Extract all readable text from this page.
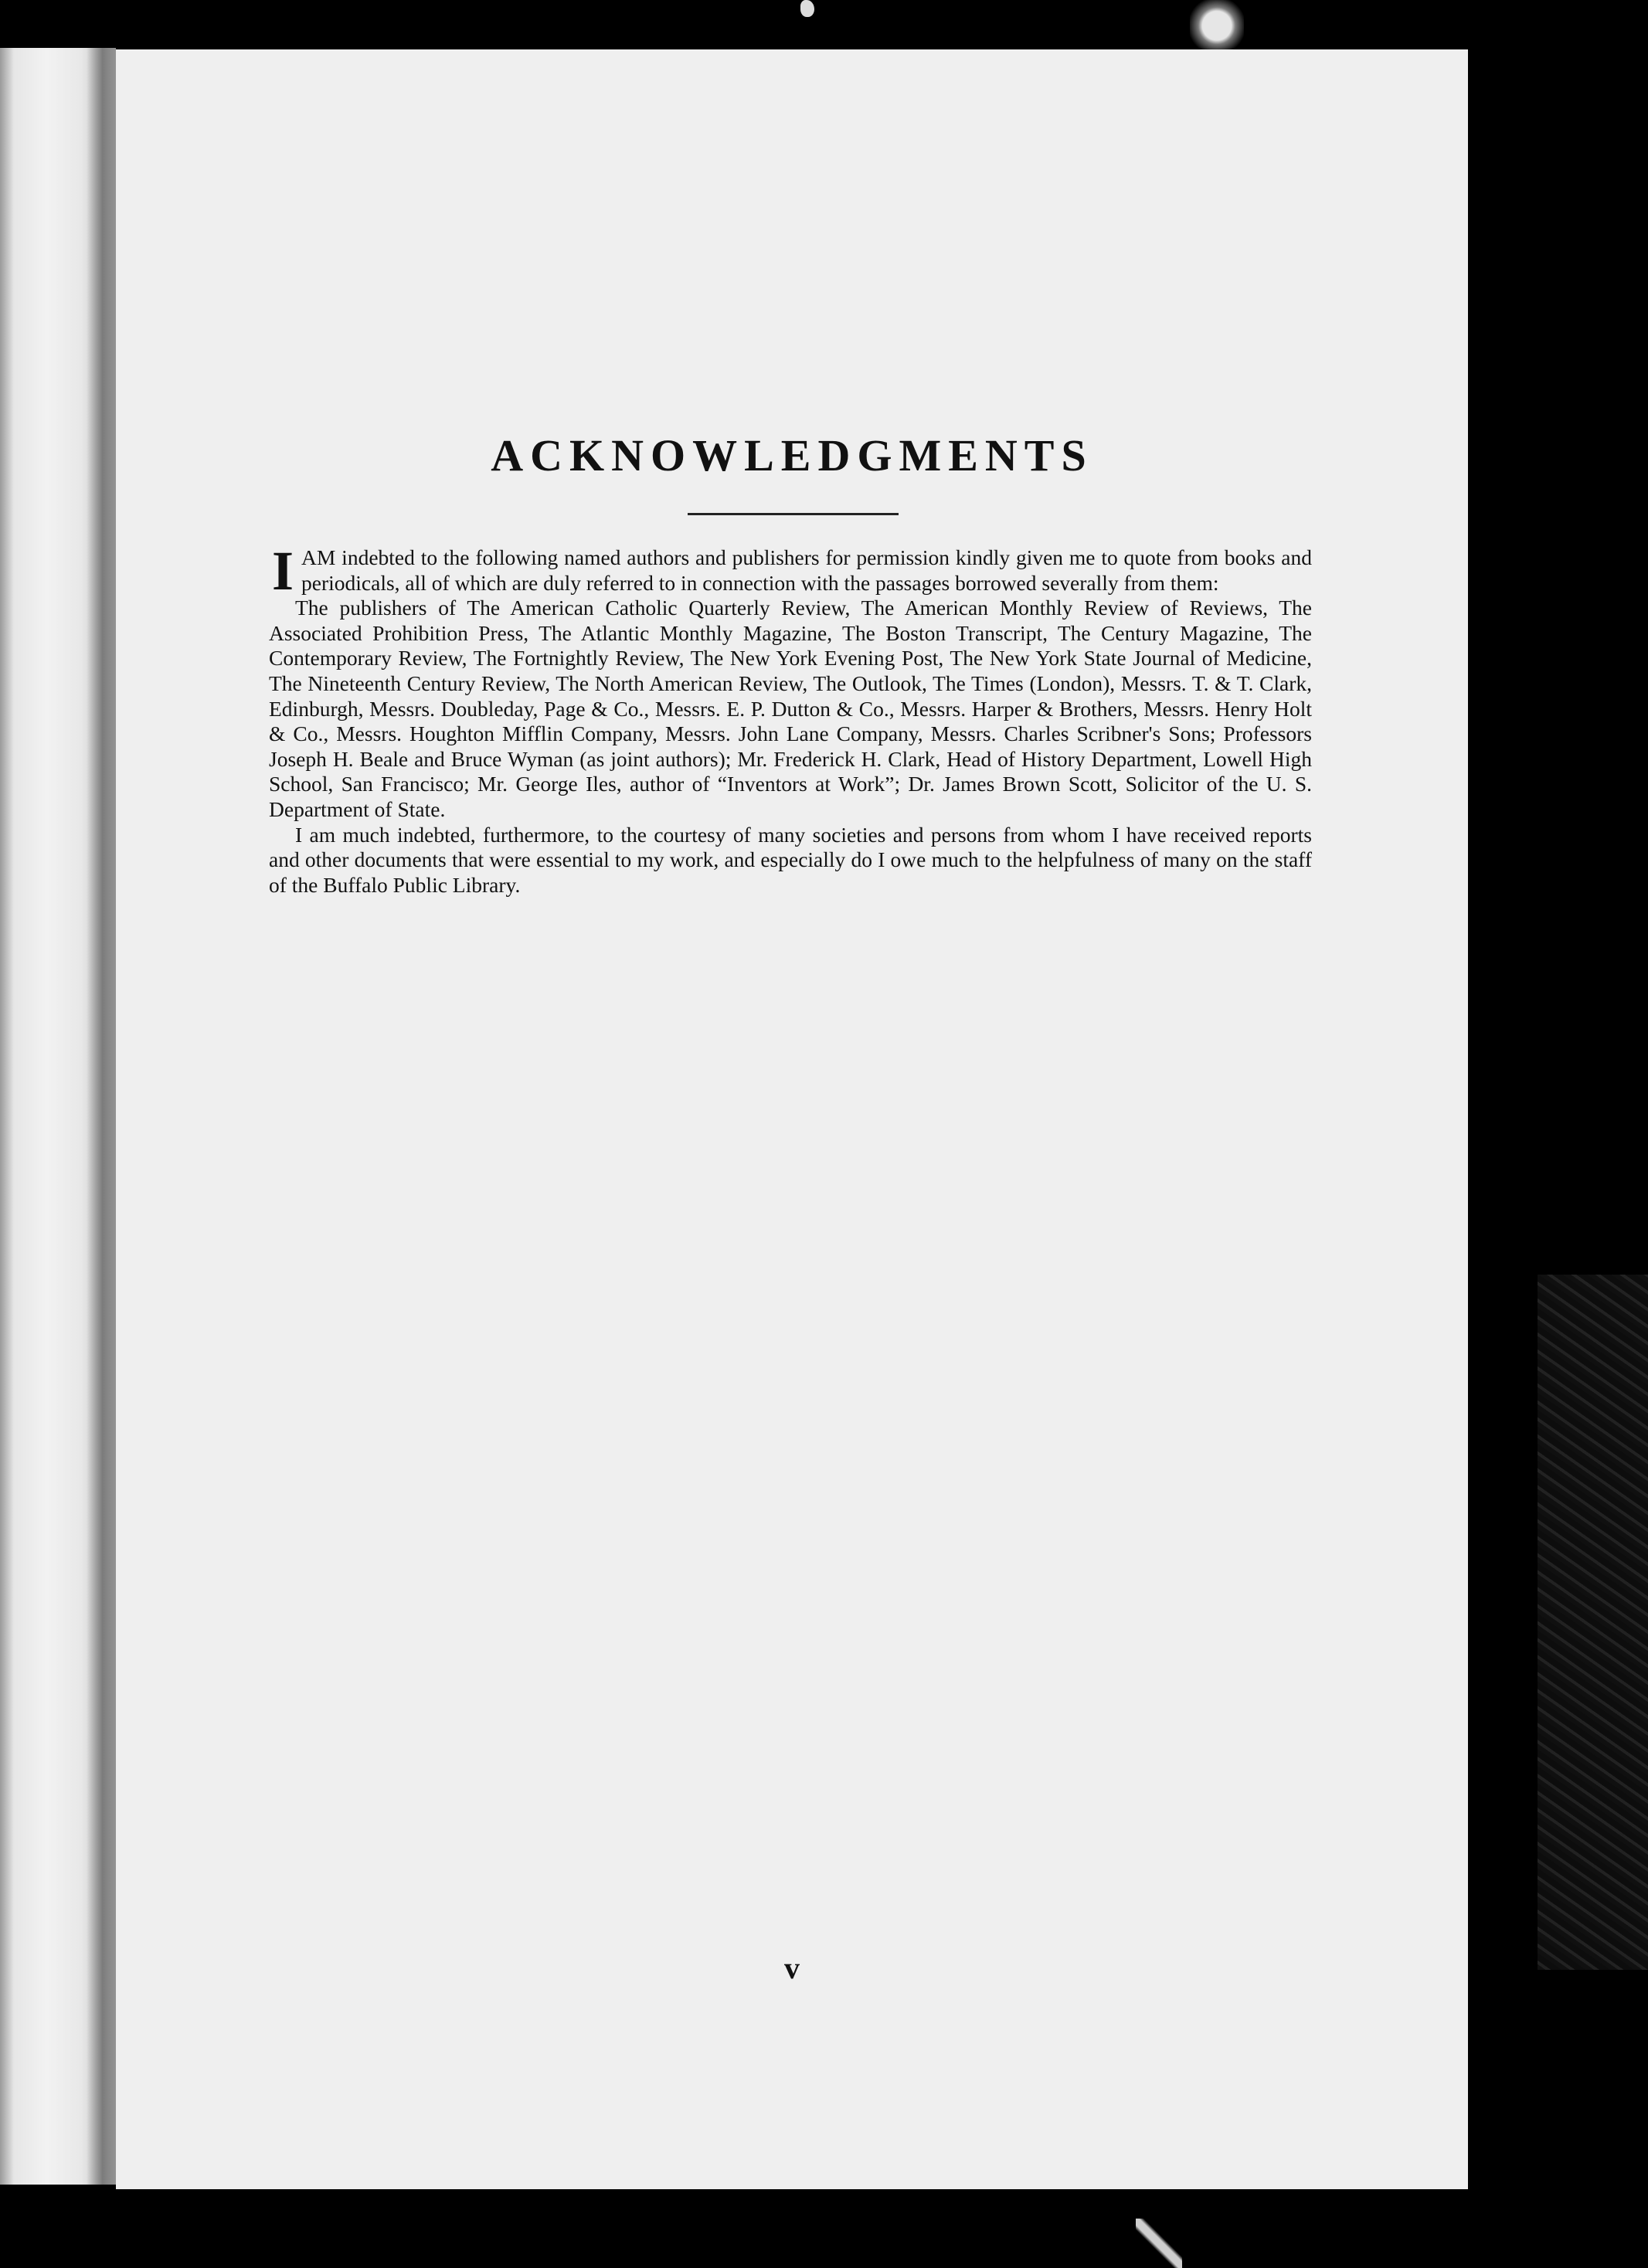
ACKNOWLEDGMENTS

IAM indebted to the following named authors and publishers for permission kindly given me to quote from books and periodicals, all of which are duly referred to in connection with the passages borrowed severally from them:

The publishers of The American Catholic Quarterly Review, The American Monthly Review of Reviews, The Associated Prohibition Press, The Atlantic Monthly Magazine, The Boston Transcript, The Century Magazine, The Contemporary Review, The Fortnightly Review, The New York Evening Post, The New York State Journal of Medicine, The Nineteenth Century Review, The North American Review, The Outlook, The Times (London), Messrs. T. & T. Clark, Edinburgh, Messrs. Doubleday, Page & Co., Messrs. E. P. Dutton & Co., Messrs. Harper & Brothers, Messrs. Henry Holt & Co., Messrs. Houghton Mifflin Company, Messrs. John Lane Company, Messrs. Charles Scribner's Sons; Professors Joseph H. Beale and Bruce Wyman (as joint authors); Mr. Frederick H. Clark, Head of History Department, Lowell High School, San Francisco; Mr. George Iles, author of “Inventors at Work”; Dr. James Brown Scott, Solicitor of the U. S. Department of State.

I am much indebted, furthermore, to the courtesy of many societies and persons from whom I have received reports and other documents that were essential to my work, and especially do I owe much to the helpfulness of many on the staff of the Buffalo Public Library.

v
